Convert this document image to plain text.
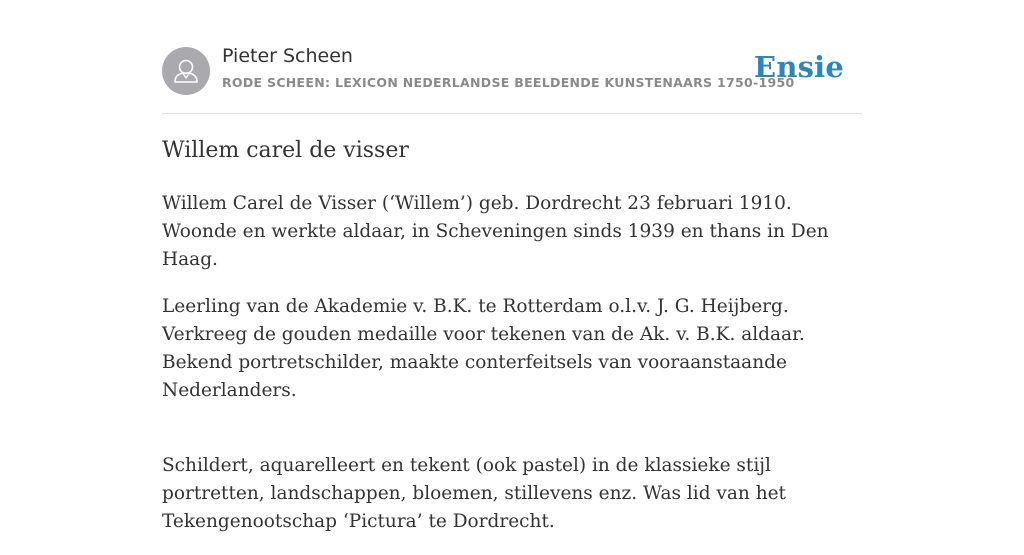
Pieter Scheen
RODE SCHEEN: LEXICON NEDERLANDSE BEELDENDE KUNSTENAARS 1750-1950
Ensie
Willem carel de visser

Willem Carel de Visser (‘Willem’) geb. Dordrecht 23 februari 1910. Woonde en werkte aldaar, in Scheveningen sinds 1939 en thans in Den Haag.

Leerling van de Akademie v. B.K. te Rotterdam o.l.v. J. G. Heijberg. Verkreeg de gouden medaille voor tekenen van de Ak. v. B.K. aldaar. Bekend portretschilder, maakte conterfeitsels van vooraanstaande Nederlanders.

Schildert, aquarelleert en tekent (ook pastel) in de klassieke stijl portretten, landschappen, bloemen, stillevens enz. Was lid van het Tekengenootschap ‘Pictura’ te Dordrecht.
